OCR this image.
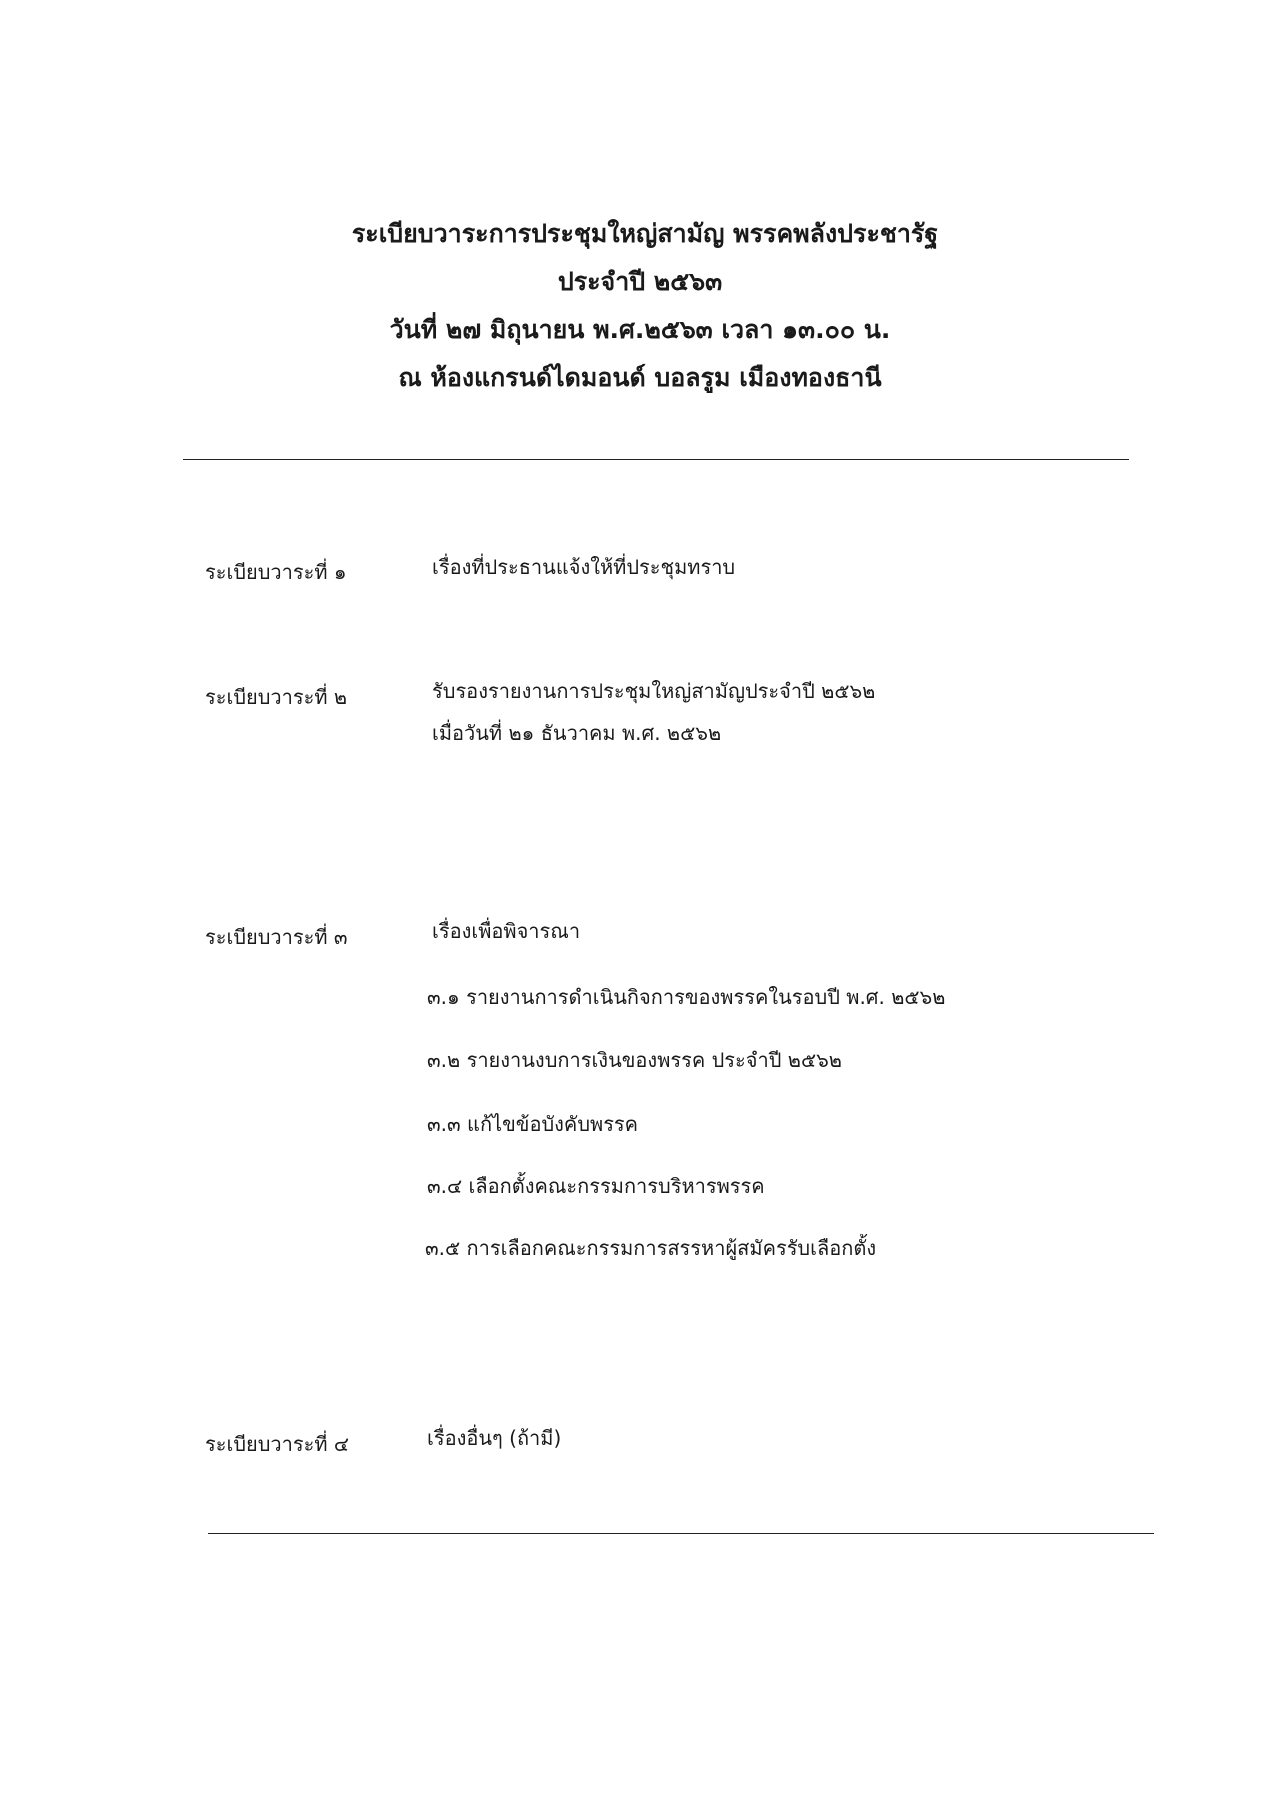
ระเบียบวาระการประชุมใหญ่สามัญ พรรคพลังประชารัฐ
ประจำปี ๒๕๖๓
วันที่ ๒๗ มิถุนายน พ.ศ.๒๕๖๓ เวลา ๑๓.๐๐ น.
ณ ห้องแกรนด์ไดมอนด์ บอลรูม เมืองทองธานี
ระเบียบวาระที่ ๑	เรื่องที่ประธานแจ้งให้ที่ประชุมทราบ
ระเบียบวาระที่ ๒	รับรองรายงานการประชุมใหญ่สามัญประจำปี ๒๕๖๒
เมื่อวันที่ ๒๑ ธันวาคม พ.ศ. ๒๕๖๒
ระเบียบวาระที่ ๓	เรื่องเพื่อพิจารณา
๓.๑ รายงานการดำเนินกิจการของพรรคในรอบปี พ.ศ. ๒๕๖๒
๓.๒ รายงานงบการเงินของพรรค ประจำปี ๒๕๖๒
๓.๓ แก้ไขข้อบังคับพรรค
๓.๔ เลือกตั้งคณะกรรมการบริหารพรรค
๓.๕ การเลือกคณะกรรมการสรรหาผู้สมัครรับเลือกตั้ง
ระเบียบวาระที่ ๔	เรื่องอื่นๆ (ถ้ามี)
